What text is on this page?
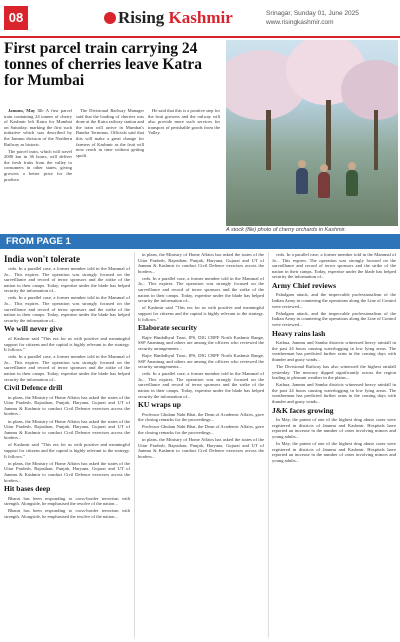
08	Rising Kashmir	Srinagar, Sunday 01, June 2025
www.risingkashmir.com
First parcel train carrying 24 tonnes of cherries leave Katra for Mumbai

Jammu, May 31: A first parcel train containing 24 tonnes of cherry of Kashmir left Katra for Mumbai on Saturday, marking the first such initiative which was described by the Jammu division of the Northern Railway as historic.

The parcel train, which will travel 2000 km in 36 hours, will deliver the fresh fruits from the valley to consumers in other states, giving growers a better price for the produce.

The Divisional Railway Manager said that the loading of cherries was done at the Katra railway station and the train will arrive in Mumbai's Bandra Terminus. Officials said that this will make a great change for farmers of Kashmir as the fruit will now reach in time without getting spoilt.

He said that this is a positive step for the fruit growers and the railway will also provide more such services for transport of perishable goods from the Valley.

A stock (file) photo of cherry orchards in Kashmir.
FROM PAGE 1
India won't tolerate

ceds. In a parallel case, a former member told in the Mammal of Jo... This expires. The operation was strongly focused on the surveillance and record of terror sponsors and the strike of the nation in their camps. Today, expertise under the blade has helped security the information of...

ceds. In a parallel case, a former member told in the Mammal of Jo... This expires. The operation was strongly focused on the surveillance and record of terror sponsors and the strike of the nation in their camps. Today, expertise under the blade has helped security the information of...

We will never give

of Kashmir said "This era for us with positive and meaningful support for citizens and the capital is highly relevant to the strategy. It follows."

ceds. In a parallel case, a former member told in the Mammal of Jo... This expires. The operation was strongly focused on the surveillance and record of terror sponsors and the strike of the nation in their camps. Today, expertise under the blade has helped security the information of...

Civil Defence drill

in plans, the Ministry of Home Affairs has asked the states of the Uttar Pradesh, Rajasthan, Punjab, Haryana, Gujarat and UT of Jammu & Kashmir to conduct Civil Defence exercises across the borders...

in plans, the Ministry of Home Affairs has asked the states of the Uttar Pradesh, Rajasthan, Punjab, Haryana, Gujarat and UT of Jammu & Kashmir to conduct Civil Defence exercises across the borders...

of Kashmir said "This era for us with positive and meaningful support for citizens and the capital is highly relevant to the strategy. It follows."

in plans, the Ministry of Home Affairs has asked the states of the Uttar Pradesh, Rajasthan, Punjab, Haryana, Gujarat and UT of Jammu & Kashmir to conduct Civil Defence exercises across the borders...

Hit bases deep

Bharat has been responding to cross-border terrorism with strength. Alongside, he emphasised the resolve of the nation...

Bharat has been responding to cross-border terrorism with strength. Alongside, he emphasised the resolve of the nation...

in plans, the Ministry of Home Affairs has asked the states of the Uttar Pradesh, Rajasthan, Punjab, Haryana, Gujarat and UT of Jammu & Kashmir to conduct Civil Defence exercises across the borders...

ceds. In a parallel case, a former member told in the Mammal of Jo... This expires. The operation was strongly focused on the surveillance and record of terror sponsors and the strike of the nation in their camps. Today, expertise under the blade has helped security the information of...

of Kashmir said "This era for us with positive and meaningful support for citizens and the capital is highly relevant to the strategy. It follows."

Elaborate security

Rajiv Bimbdhyul Trust, IPS, DIG CRPF North Kashmir Range, SSP Anantnag and others are among the officers who reviewed the security arrangements...

Rajiv Bimbdhyul Trust, IPS, DIG CRPF North Kashmir Range, SSP Anantnag and others are among the officers who reviewed the security arrangements...

ceds. In a parallel case, a former member told in the Mammal of Jo... This expires. The operation was strongly focused on the surveillance and record of terror sponsors and the strike of the nation in their camps. Today, expertise under the blade has helped security the information of...

KU wraps up

Professor Ghulam Nabi Bhat, the Dean of Academic Affairs, gave the closing remarks for the proceedings...

Professor Ghulam Nabi Bhat, the Dean of Academic Affairs, gave the closing remarks for the proceedings...

in plans, the Ministry of Home Affairs has asked the states of the Uttar Pradesh, Rajasthan, Punjab, Haryana, Gujarat and UT of Jammu & Kashmir to conduct Civil Defence exercises across the borders...

ceds. In a parallel case, a former member told in the Mammal of Jo... This expires. The operation was strongly focused on the surveillance and record of terror sponsors and the strike of the nation in their camps. Today, expertise under the blade has helped security the information of...

Army Chief reviews

Pahalgam attack, and the impeccable professionalism of the Indian Army in countering the operations along the Line of Control were reviewed...

Pahalgam attack, and the impeccable professionalism of the Indian Army in countering the operations along the Line of Control were reviewed...

Heavy rains lash

Kathua, Jammu and Samba districts witnessed heavy rainfall in the past 24 hours causing waterlogging in low lying areas. The weatherman has predicted further rains in the coming days with thunder and gusty winds...

The Divisional Railway has also witnessed the highest rainfall yesterday. The mercury dipped significantly across the region leading to pleasant weather in the plains...

Kathua, Jammu and Samba districts witnessed heavy rainfall in the past 24 hours causing waterlogging in low lying areas. The weatherman has predicted further rains in the coming days with thunder and gusty winds...

J&K faces growing

In May, the patent of one of the highest drug abuse cases were registered in districts of Jammu and Kashmir. Hospitals have reported an increase in the number of cases involving minors and young adults...

In May, the patent of one of the highest drug abuse cases were registered in districts of Jammu and Kashmir. Hospitals have reported an increase in the number of cases involving minors and young adults...
